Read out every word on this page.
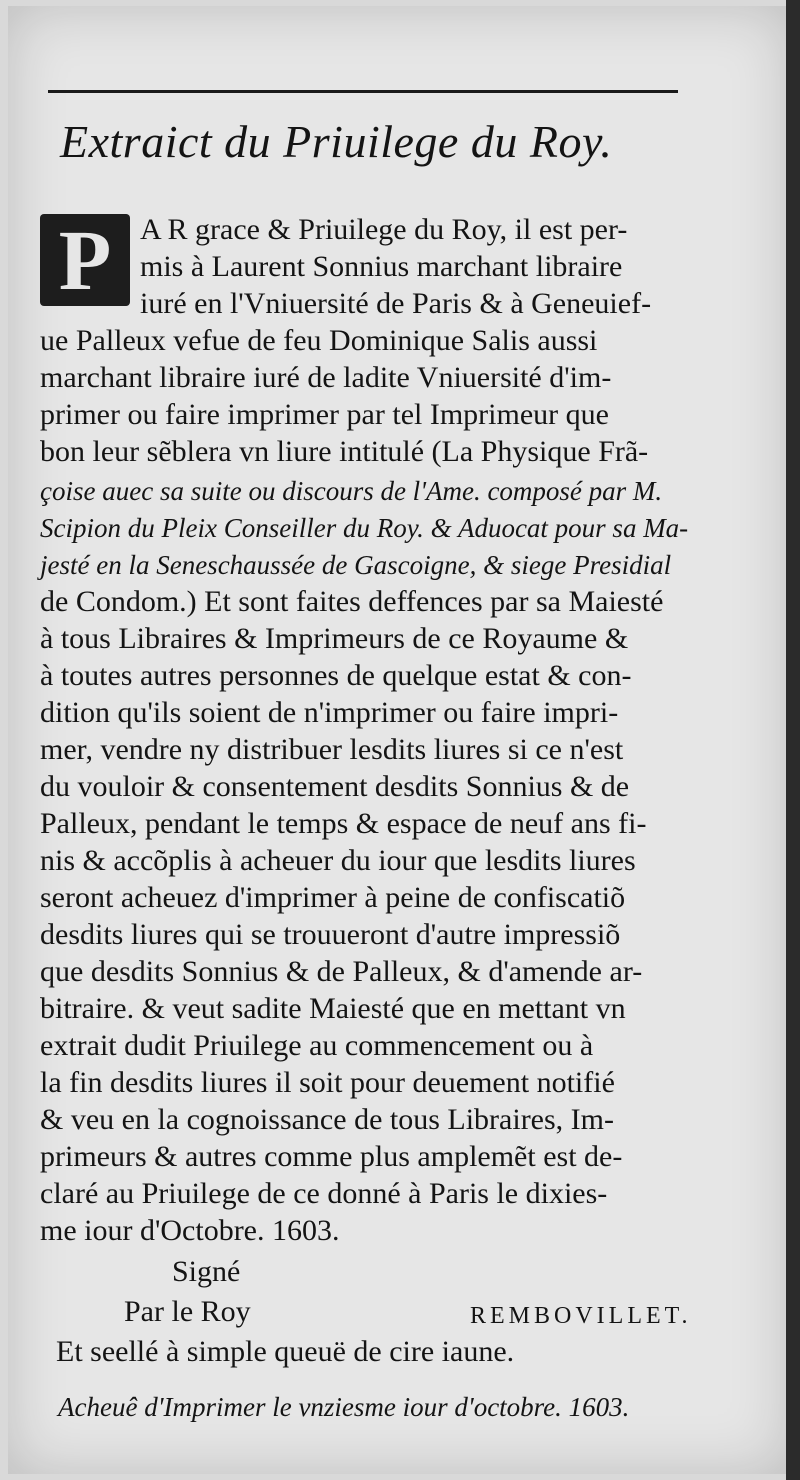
Extraict du Priuilege du Roy.
P A R grace & Priuilege du Roy, il est per-
mis à Laurent Sonnius marchant libraire
iuré en l'Vniuersité de Paris & à Geneuief-
ue Palleux vefue de feu Dominique Salis aussi
marchant libraire iuré de ladite Vniuersité d'im-
primer ou faire imprimer par tel Imprimeur que
bon leur sẽblera vn liure intitulé (La Physique Frã-
çoise auec sa suite ou discours de l'Ame. composé par M.
Scipion du Pleix Conseiller du Roy. & Aduocat pour sa Ma-
jesté en la Seneschaussée de Gascoigne, & siege Presidial
de Condom.) Et sont faites deffences par sa Maiesté
à tous Libraires & Imprimeurs de ce Royaume &
à toutes autres personnes de quelque estat & con-
dition qu'ils soient de n'imprimer ou faire impri-
mer, vendre ny distribuer lesdits liures si ce n'est
du vouloir & consentement desdits Sonnius & de
Palleux, pendant le temps & espace de neuf ans fi-
nis & accõplis à acheuer du iour que lesdits liures
seront acheuez d'imprimer à peine de confiscatiõ
desdits liures qui se trouueront d'autre impressiõ
que desdits Sonnius & de Palleux, & d'amende ar-
bitraire. & veut sadite Maiesté que en mettant vn
extrait dudit Priuilege au commencement ou à
la fin desdits liures il soit pour deuement notifié
& veu en la cognoissance de tous Libraires, Im-
primeurs & autres comme plus amplemẽt est de-
claré au Priuilege de ce donné à Paris le dixies-
me iour d'Octobre. 1603.
Signé
Par le Roy	REMBOVILLET.
Et seellé à simple queuë de cire iaune.
Acheuê d'Imprimer le vnziesme iour d'octobre. 1603.
